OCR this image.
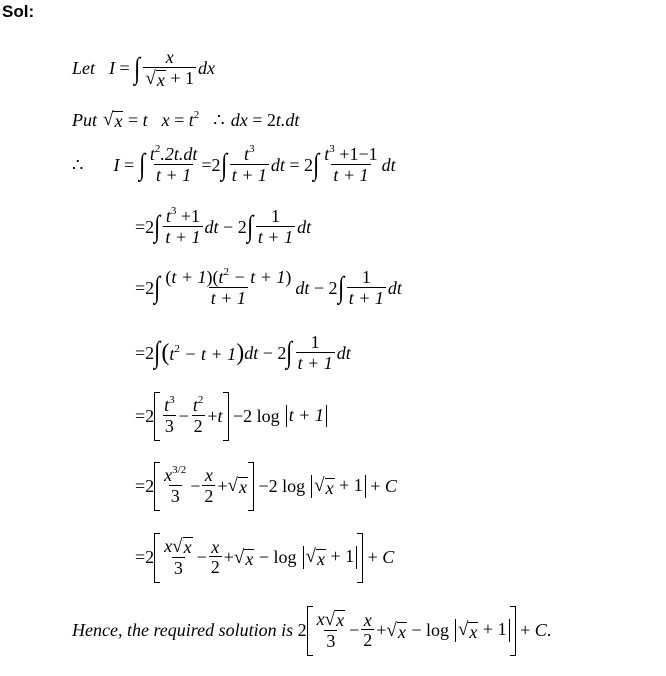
Sol:
Let I = ∫ $\frac{x}{√ x + 1}$ dx
Put √ x = t $x = t^2$ ∴ dx = 2 t.dt
∴ I = ∫ $\frac{t^2.2t.dt}{t + 1} =2$ ∫ $\frac{t^3}{t + 1}$ dt = 2 ∫ $\frac{t^3 +1-1}{t + 1}$ dt
=2 ∫ $\frac{t^3 +1}{t + 1}$ dt − 2 ∫ $\frac{1}{t + 1}$ dt
=2 ∫ $\frac{(t + 1)(t^2 - t + 1)}{t + 1}$ dt − 2 ∫ $\frac{1}{t + 1}$ dt
=2 ∫ $(t^2 - t + 1)$ dt − 2 ∫ $\frac{1}{t + 1}$ dt
$=2 \frac{t^3}{3} - \frac{t^2}{2} + t -2$ log t + 1
$=2 \frac{x^{3/2}}{3} - \frac{x}{2}$ + √ x −2 log √ x + 1 + C
$=2 \frac{x √ x}{3} - \frac{x}{2}$ + √ x − log √ x + 1 + C
Hence, the required solution is $2 \frac{x √ x}{3} - \frac{x}{2}$ + √ x − log √ x + 1 + C .
